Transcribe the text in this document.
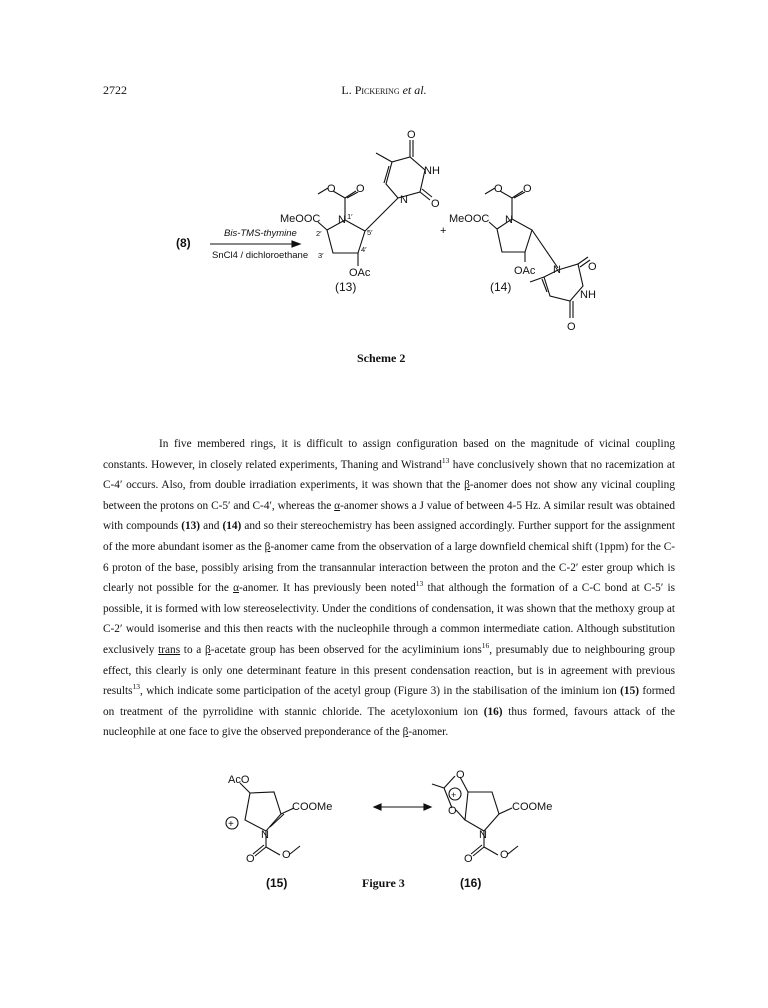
2722	L. Pickering et al.
(8)
Bis-TMS-thymine
SnCl4 / dichloroethane
+
MeOOC N 1′
O O
2′
3′
4′
5′
OAc
O
NH
N O
(13)
MeOOC N
O O
OAc N O
NH
O
(14)
Scheme 2

In five membered rings, it is difficult to assign configuration based on the magnitude of vicinal coupling constants. However, in closely related experiments, Thaning and Wistrand$^{13}$ have conclusively shown that no racemization at C-4′ occurs. Also, from double irradiation experiments, it was shown that the β-anomer does not show any vicinal coupling between the protons on C-5′ and C-4′, whereas the α-anomer shows a J value of between 4-5 Hz. A similar result was obtained with compounds (13) and (14) and so their stereochemistry has been assigned accordingly. Further support for the assignment of the more abundant isomer as the β-anomer came from the observation of a large downfield chemical shift (1ppm) for the C-6 proton of the base, possibly arising from the transannular interaction between the proton and the C-2′ ester group which is clearly not possible for the α-anomer. It has previously been noted$^{13}$ that although the formation of a C-C bond at C-5′ is possible, it is formed with low stereoselectivity. Under the conditions of condensation, it was shown that the methoxy group at C-2′ would isomerise and this then reacts with the nucleophile through a common intermediate cation. Although substitution exclusively trans to a β-acetate group has been observed for the acyliminium ions$^{16}$, presumably due to neighbouring group effect, this clearly is only one determinant feature in this present condensation reaction, but is in agreement with previous results$^{13}$, which indicate some participation of the acetyl group (Figure 3) in the stabilisation of the iminium ion (15) formed on treatment of the pyrrolidine with stannic chloride. The acetyloxonium ion (16) thus formed, favours attack of the nucleophile at one face to give the observed preponderance of the β-anomer.

AcO
COOMe
+
N
O O
(15)
O
+
O	COOMe
N
O O
(16)
Figure 3
